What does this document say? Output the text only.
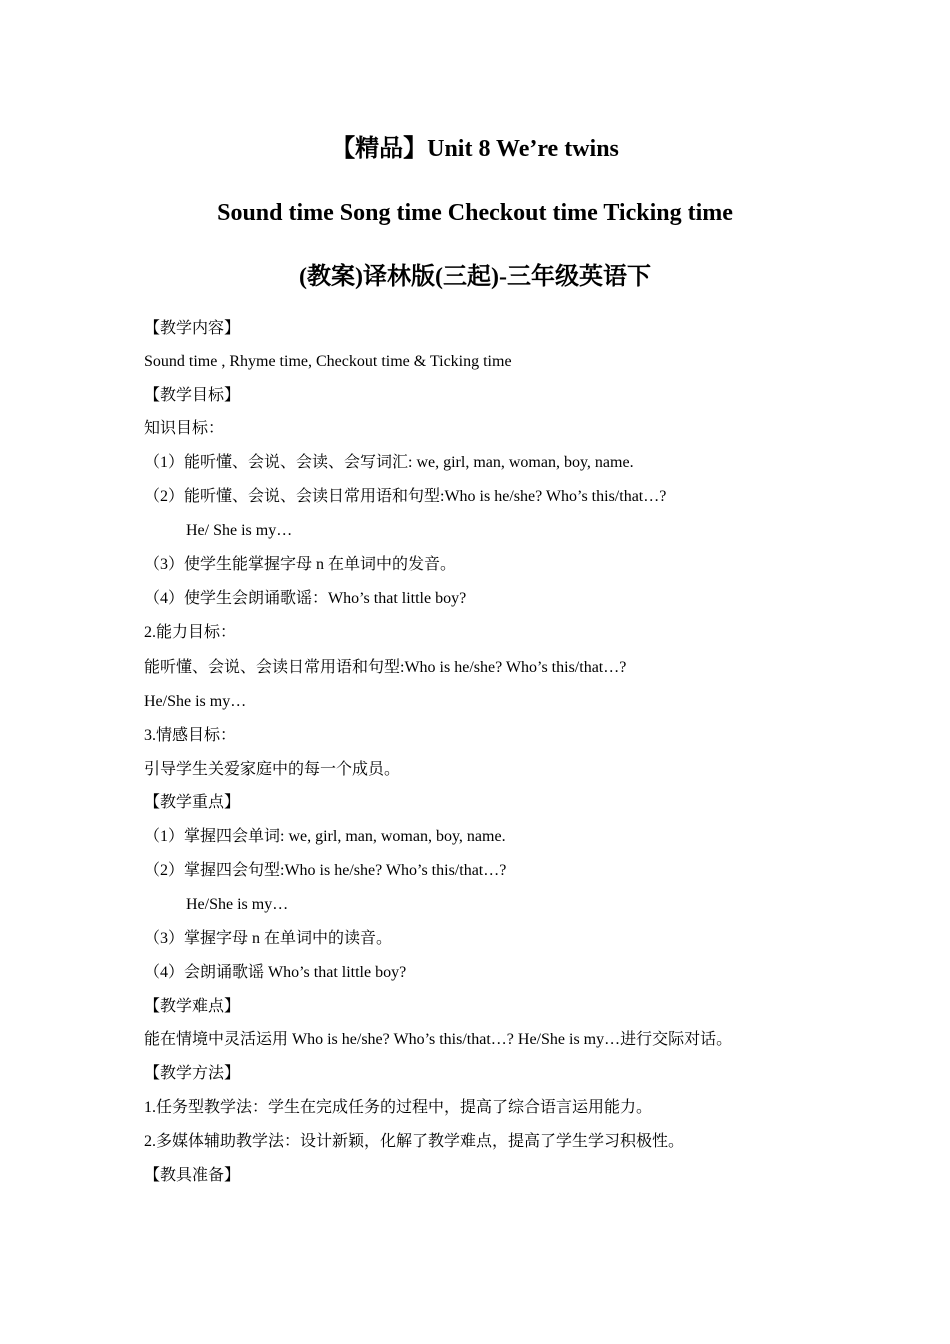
【精品】Unit 8 We’re twins
Sound time Song time Checkout time Ticking time
(教案)译林版(三起)-三年级英语下
【教学内容】
Sound time , Rhyme time, Checkout time & Ticking time
【教学目标】
知识目标：
（1）能听懂、会说、会读、会写词汇: we, girl, man, woman, boy, name.
（2）能听懂、会说、会读日常用语和句型:Who is he/she? Who’s this/that…?
He/ She is my…
（3）使学生能掌握字母 n 在单词中的发音。
（4）使学生会朗诵歌谣：Who’s that little boy?
2.能力目标：
能听懂、会说、会读日常用语和句型:Who is he/she? Who’s this/that…?
He/She is my…
3.情感目标：
引导学生关爱家庭中的每一个成员。
【教学重点】
（1）掌握四会单词: we, girl, man, woman, boy, name.
（2）掌握四会句型:Who is he/she? Who’s this/that…?
He/She is my…
（3）掌握字母 n 在单词中的读音。
（4）会朗诵歌谣 Who’s that little boy?
【教学难点】
能在情境中灵活运用 Who is he/she? Who’s this/that…? He/She is my…进行交际对话。
【教学方法】
1.任务型教学法：学生在完成任务的过程中，提高了综合语言运用能力。
2.多媒体辅助教学法：设计新颖，化解了教学难点，提高了学生学习积极性。
【教具准备】
